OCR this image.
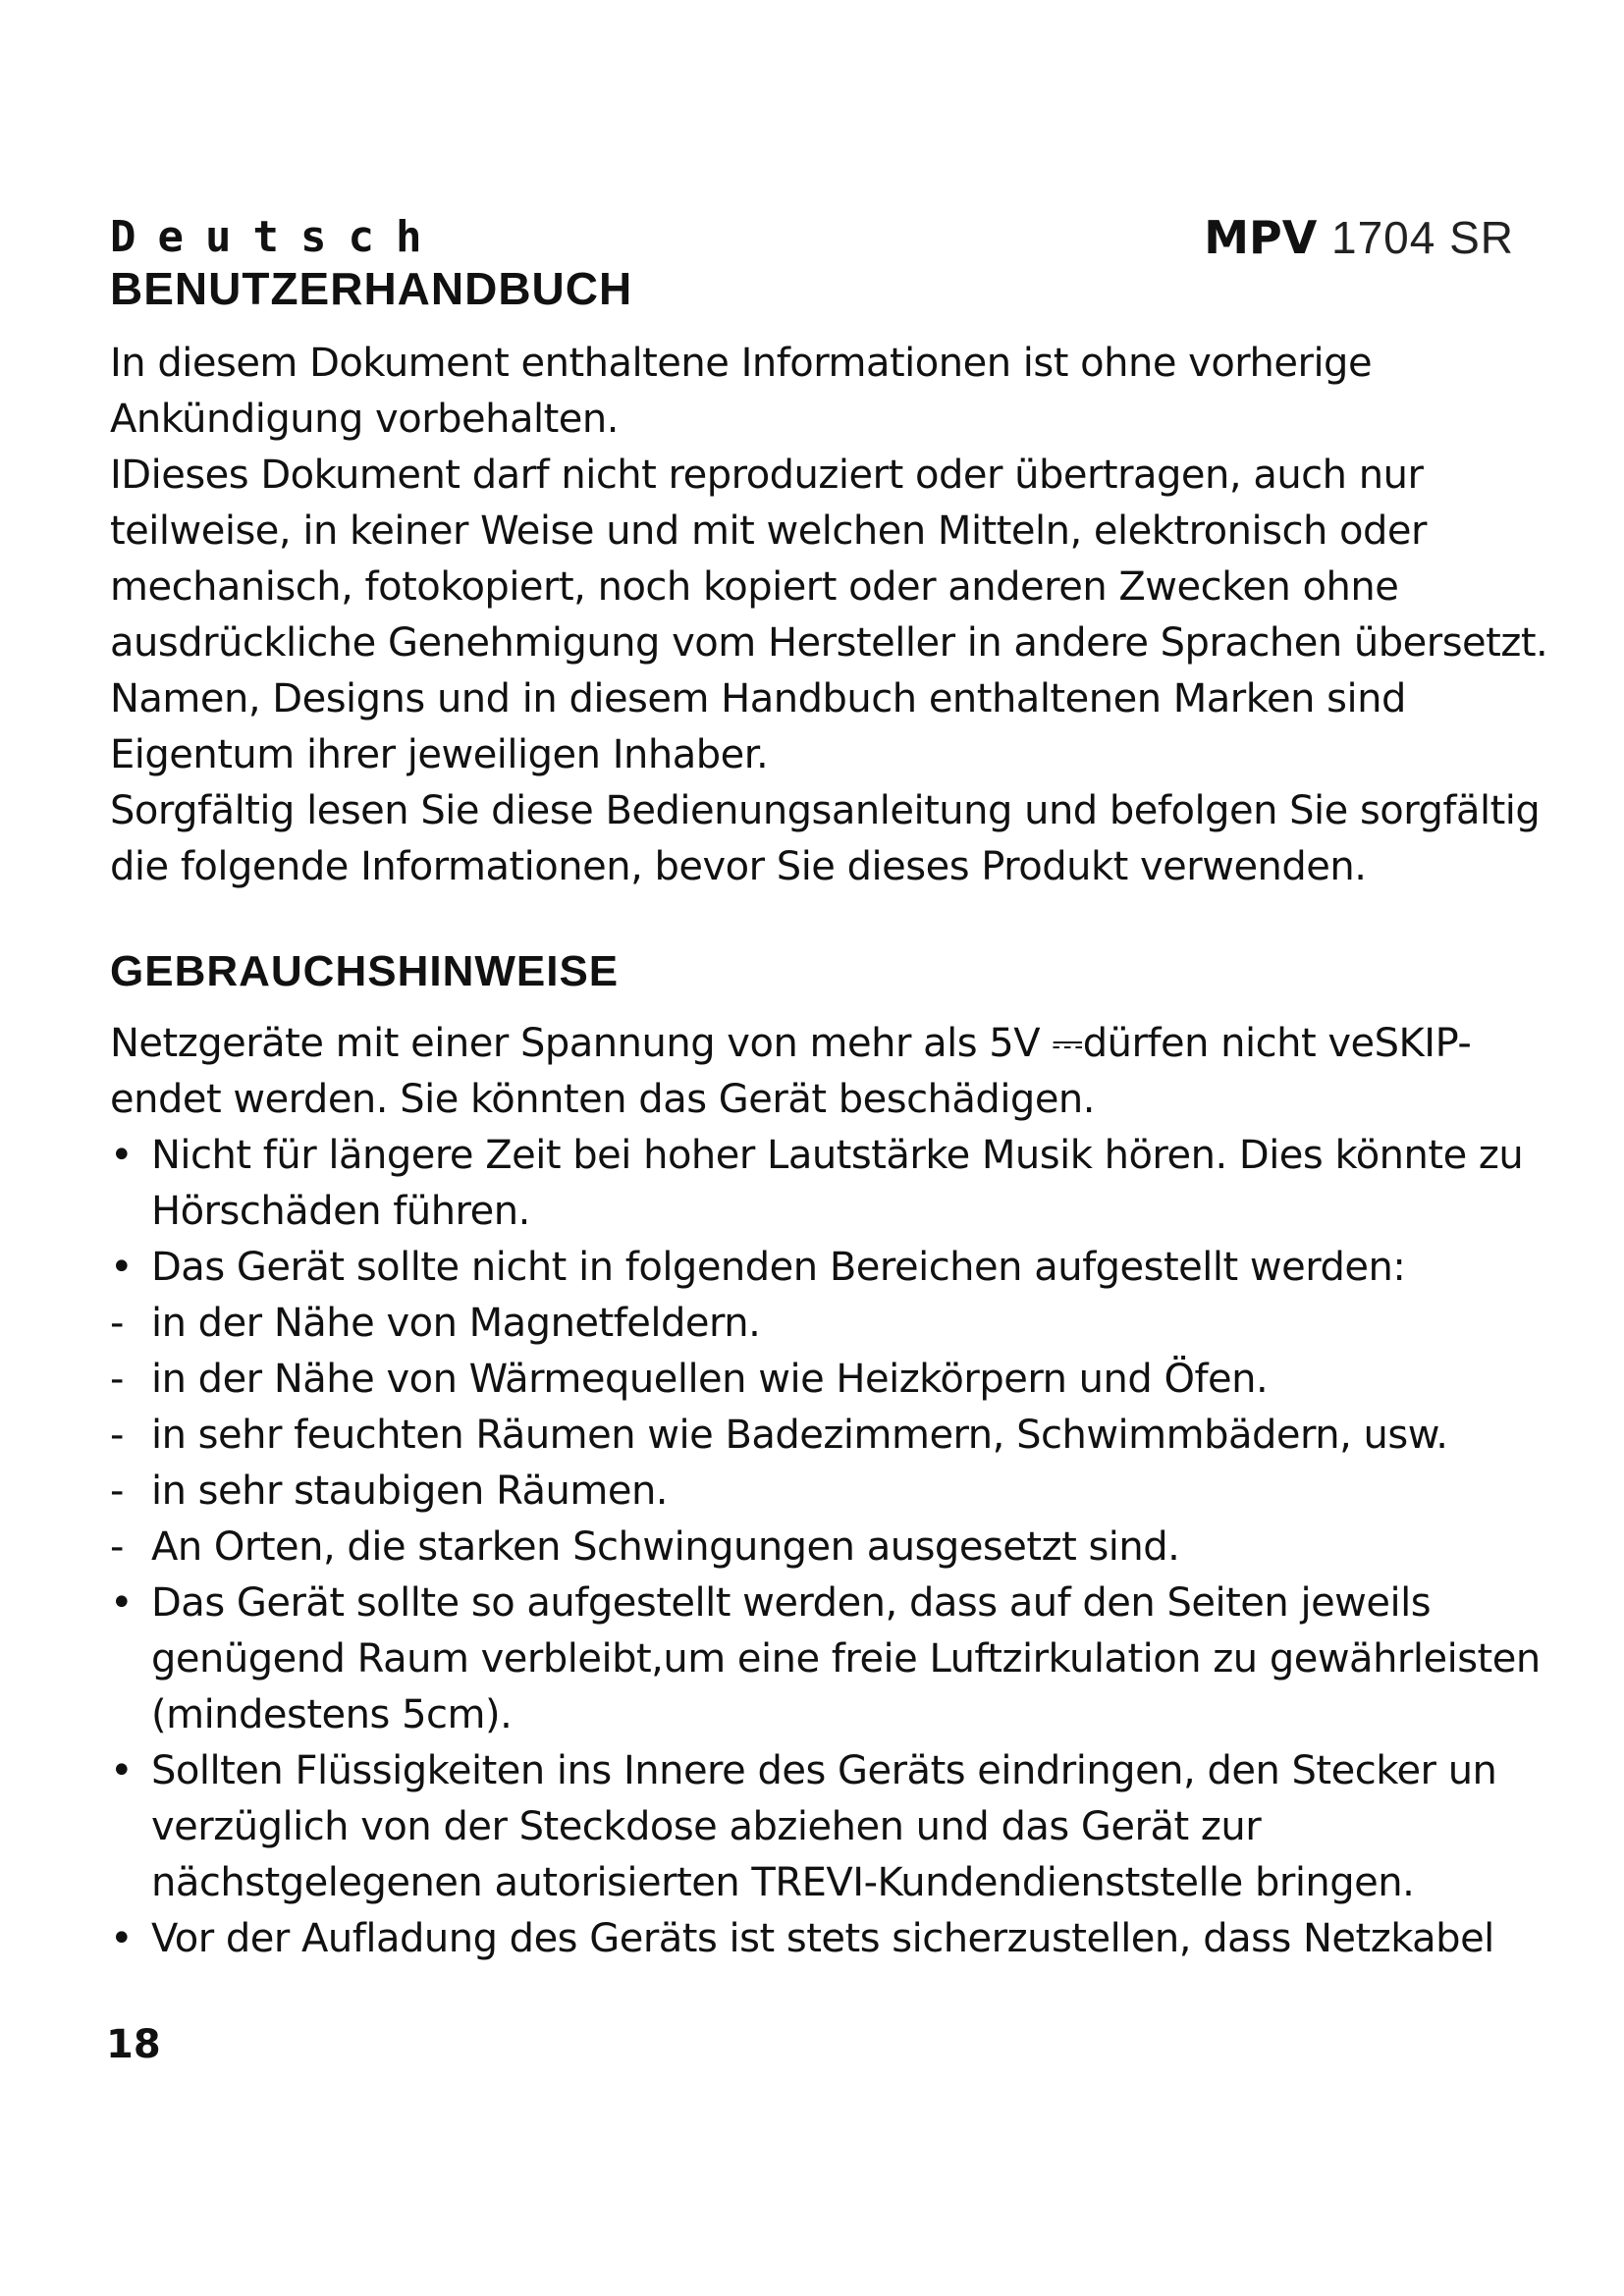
Deutsch	MPV 1704 SR
BENUTZERHANDBUCH

In diesem Dokument enthaltene Informationen ist ohne vorherige Ankündigung vorbehalten.

IDieses Dokument darf nicht reproduziert oder übertragen, auch nur teilweise, in keiner Weise und mit welchen Mitteln, elektronisch oder mechanisch, fotokopiert, noch kopiert oder anderen Zwecken ohne ausdrückliche Genehmigung vom Hersteller in andere Sprachen übersetzt.

Namen, Designs und in diesem Handbuch enthaltenen Marken sind Eigentum ihrer jeweiligen Inhaber.

Sorgfältig lesen Sie diese Bedienungsanleitung und befolgen Sie sorgfältig die folgende Informationen, bevor Sie dieses Produkt verwenden.

GEBRAUCHSHINWEISE

Netzgeräte mit einer Spannung von mehr als 5V ⎓dürfen nicht veSKIP-endet werden. Sie könnten das Gerät beschädigen.

• Nicht für längere Zeit bei hoher Lautstärke Musik hören. Dies könnte zu Hörschäden führen.
• Das Gerät sollte nicht in folgenden Bereichen aufgestellt werden:
- in der Nähe von Magnetfeldern.
- in der Nähe von Wärmequellen wie Heizkörpern und Öfen.
- in sehr feuchten Räumen wie Badezimmern, Schwimmbädern, usw.
- in sehr staubigen Räumen.
- An Orten, die starken Schwingungen ausgesetzt sind.
• Das Gerät sollte so aufgestellt werden, dass auf den Seiten jeweils genügend Raum verbleibt,um eine freie Luftzirkulation zu gewährleisten (mindestens 5cm).
• Sollten Flüssigkeiten ins Innere des Geräts eindringen, den Stecker un verzüglich von der Steckdose abziehen und das Gerät zur nächstgelegenen autorisierten TREVI-Kundendienststelle bringen.
• Vor der Aufladung des Geräts ist stets sicherzustellen, dass Netzkabel
18
